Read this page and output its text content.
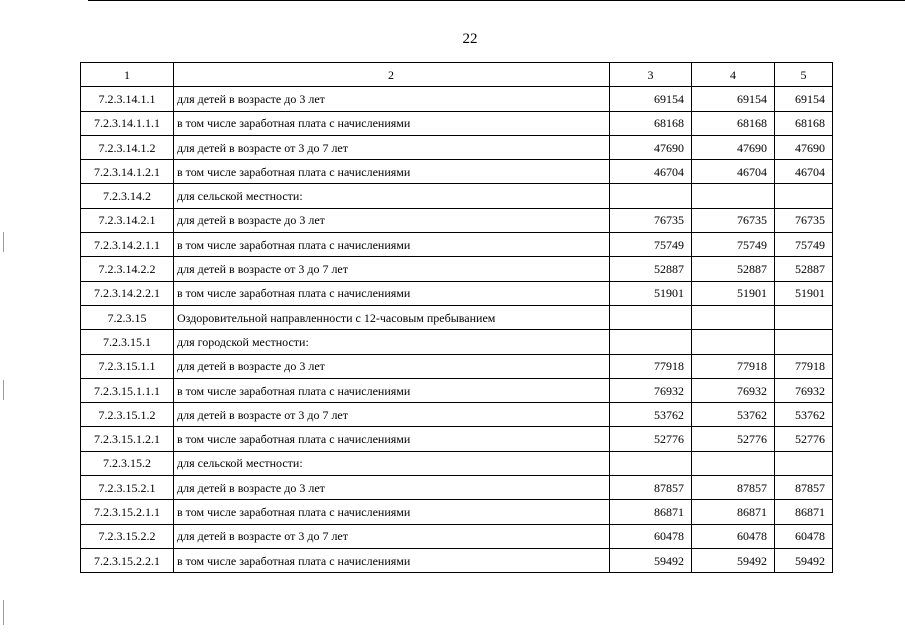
22
1	2	3	4	5
7.2.3.14.1.1	для детей в возрасте до 3 лет	69154	69154	69154
7.2.3.14.1.1.1	в том числе заработная плата с начислениями	68168	68168	68168
7.2.3.14.1.2	для детей в возрасте от 3 до 7 лет	47690	47690	47690
7.2.3.14.1.2.1	в том числе заработная плата с начислениями	46704	46704	46704
7.2.3.14.2	для сельской местности:			
7.2.3.14.2.1	для детей в возрасте до 3 лет	76735	76735	76735
7.2.3.14.2.1.1	в том числе заработная плата с начислениями	75749	75749	75749
7.2.3.14.2.2	для детей в возрасте от 3 до 7 лет	52887	52887	52887
7.2.3.14.2.2.1	в том числе заработная плата с начислениями	51901	51901	51901
7.2.3.15	Оздоровительной направленности с 12-часовым пребыванием			
7.2.3.15.1	для городской местности:			
7.2.3.15.1.1	для детей в возрасте до 3 лет	77918	77918	77918
7.2.3.15.1.1.1	в том числе заработная плата с начислениями	76932	76932	76932
7.2.3.15.1.2	для детей в возрасте от 3 до 7 лет	53762	53762	53762
7.2.3.15.1.2.1	в том числе заработная плата с начислениями	52776	52776	52776
7.2.3.15.2	для сельской местности:			
7.2.3.15.2.1	для детей в возрасте до 3 лет	87857	87857	87857
7.2.3.15.2.1.1	в том числе заработная плата с начислениями	86871	86871	86871
7.2.3.15.2.2	для детей в возрасте от 3 до 7 лет	60478	60478	60478
7.2.3.15.2.2.1	в том числе заработная плата с начислениями	59492	59492	59492
